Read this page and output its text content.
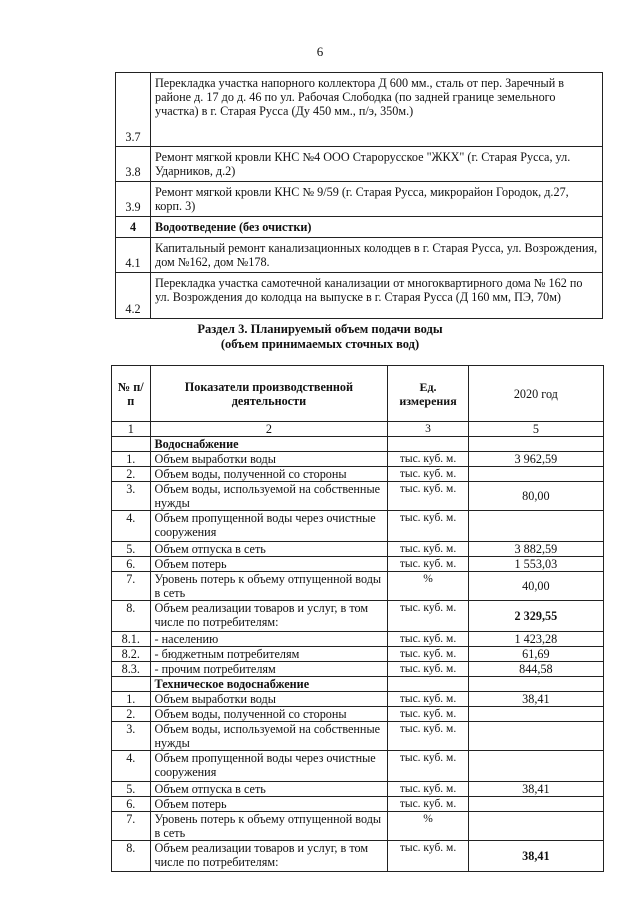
6
3.7	Перекладка участка напорного коллектора Д 600 мм., сталь от пер. Заречный в районе д. 17 до д. 46 по ул. Рабочая Слободка (по задней границе земельного участка) в г. Старая Русса (Ду 450 мм., п/э, 350м.)
3.8	Ремонт мягкой кровли КНС №4 ООО Старорусское "ЖКХ" (г. Старая Русса, ул. Ударников, д.2)
3.9	Ремонт мягкой кровли КНС № 9/59 (г. Старая Русса, микрорайон Городок, д.27, корп. 3)
4	Водоотведение (без очистки)
4.1	Капитальный ремонт канализационных колодцев в г. Старая Русса, ул. Возрождения, дом №162, дом №178.
4.2	Перекладка участка самотечной канализации от многоквартирного дома № 162 по ул. Возрождения до колодца на выпуске в г. Старая Русса (Д 160 мм, ПЭ, 70м)
Раздел 3. Планируемый объем подачи воды
(объем принимаемых сточных вод)
№ п/п	Показатели производственной деятельности	Ед. измерения	2020 год
1	2	3	5
	Водоснабжение		
1.	Объем выработки воды	тыс. куб. м.	3 962,59
2.	Объем воды, полученной со стороны	тыс. куб. м.	
3.	Объем воды, используемой на собственные нужды	тыс. куб. м.	80,00
4.	Объем пропущенной воды через очистные сооружения	тыс. куб. м.	
5.	Объем отпуска в сеть	тыс. куб. м.	3 882,59
6.	Объем потерь	тыс. куб. м.	1 553,03
7.	Уровень потерь к объему отпущенной воды в сеть	%	40,00
8.	Объем реализации товаров и услуг, в том числе по потребителям:	тыс. куб. м.	2 329,55
8.1.	- населению	тыс. куб. м.	1 423,28
8.2.	- бюджетным потребителям	тыс. куб. м.	61,69
8.3.	- прочим потребителям	тыс. куб. м.	844,58
	Техническое водоснабжение		
1.	Объем выработки воды	тыс. куб. м.	38,41
2.	Объем воды, полученной со стороны	тыс. куб. м.	
3.	Объем воды, используемой на собственные нужды	тыс. куб. м.	
4.	Объем пропущенной воды через очистные сооружения	тыс. куб. м.	
5.	Объем отпуска в сеть	тыс. куб. м.	38,41
6.	Объем потерь	тыс. куб. м.	
7.	Уровень потерь к объему отпущенной воды в сеть	%	
8.	Объем реализации товаров и услуг, в том числе по потребителям:	тыс. куб. м.	38,41
